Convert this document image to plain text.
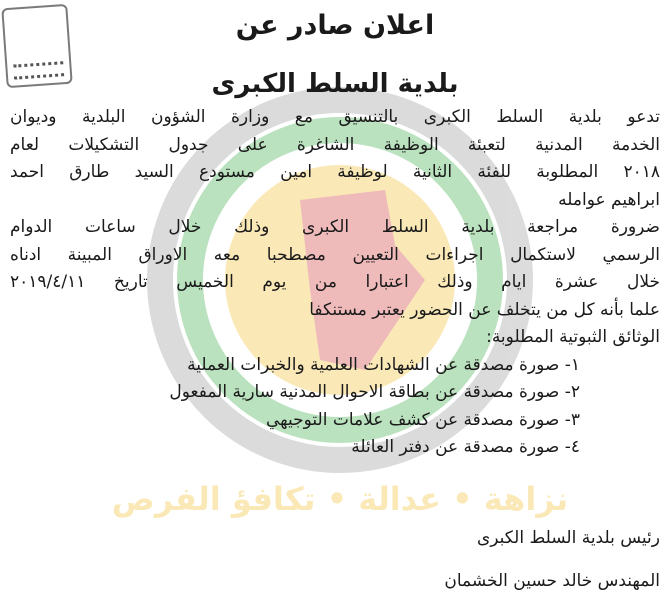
نزاهة • عدالة • تكافؤ الفرص
اعلان صادر عن
بلدية السلط الكبرى
تدعو بلدية السلط الكبرى بالتنسيق مع وزارة الشؤون البلدية وديوان
الخدمة المدنية لتعبئة الوظيفة الشاغرة على جدول التشكيلات لعام
٢٠١٨ المطلوبة للفئة الثانية لوظيفة امين مستودع السيد طارق احمد
ابراهيم عوامله
ضرورة مراجعة بلدية السلط الكبرى وذلك خلال ساعات الدوام
الرسمي لاستكمال اجراءات التعيين مصطحبا معه الاوراق المبينة ادناه
خلال عشرة ايام وذلك اعتبارا من يوم الخميس تاريخ ٢٠١٩/٤/١١
علما بأنه كل من يتخلف عن الحضور يعتبر مستنكفا
الوثائق الثبوتية المطلوبة:
١- صورة مصدقة عن الشهادات العلمية والخبرات العملية
٢- صورة مصدقة عن بطاقة الاحوال المدنية سارية المفعول
٣- صورة مصدقة عن كشف علامات التوجيهي
٤- صورة مصدقة عن دفتر العائلة
رئيس بلدية السلط الكبرى
المهندس خالد حسين الخشمان
